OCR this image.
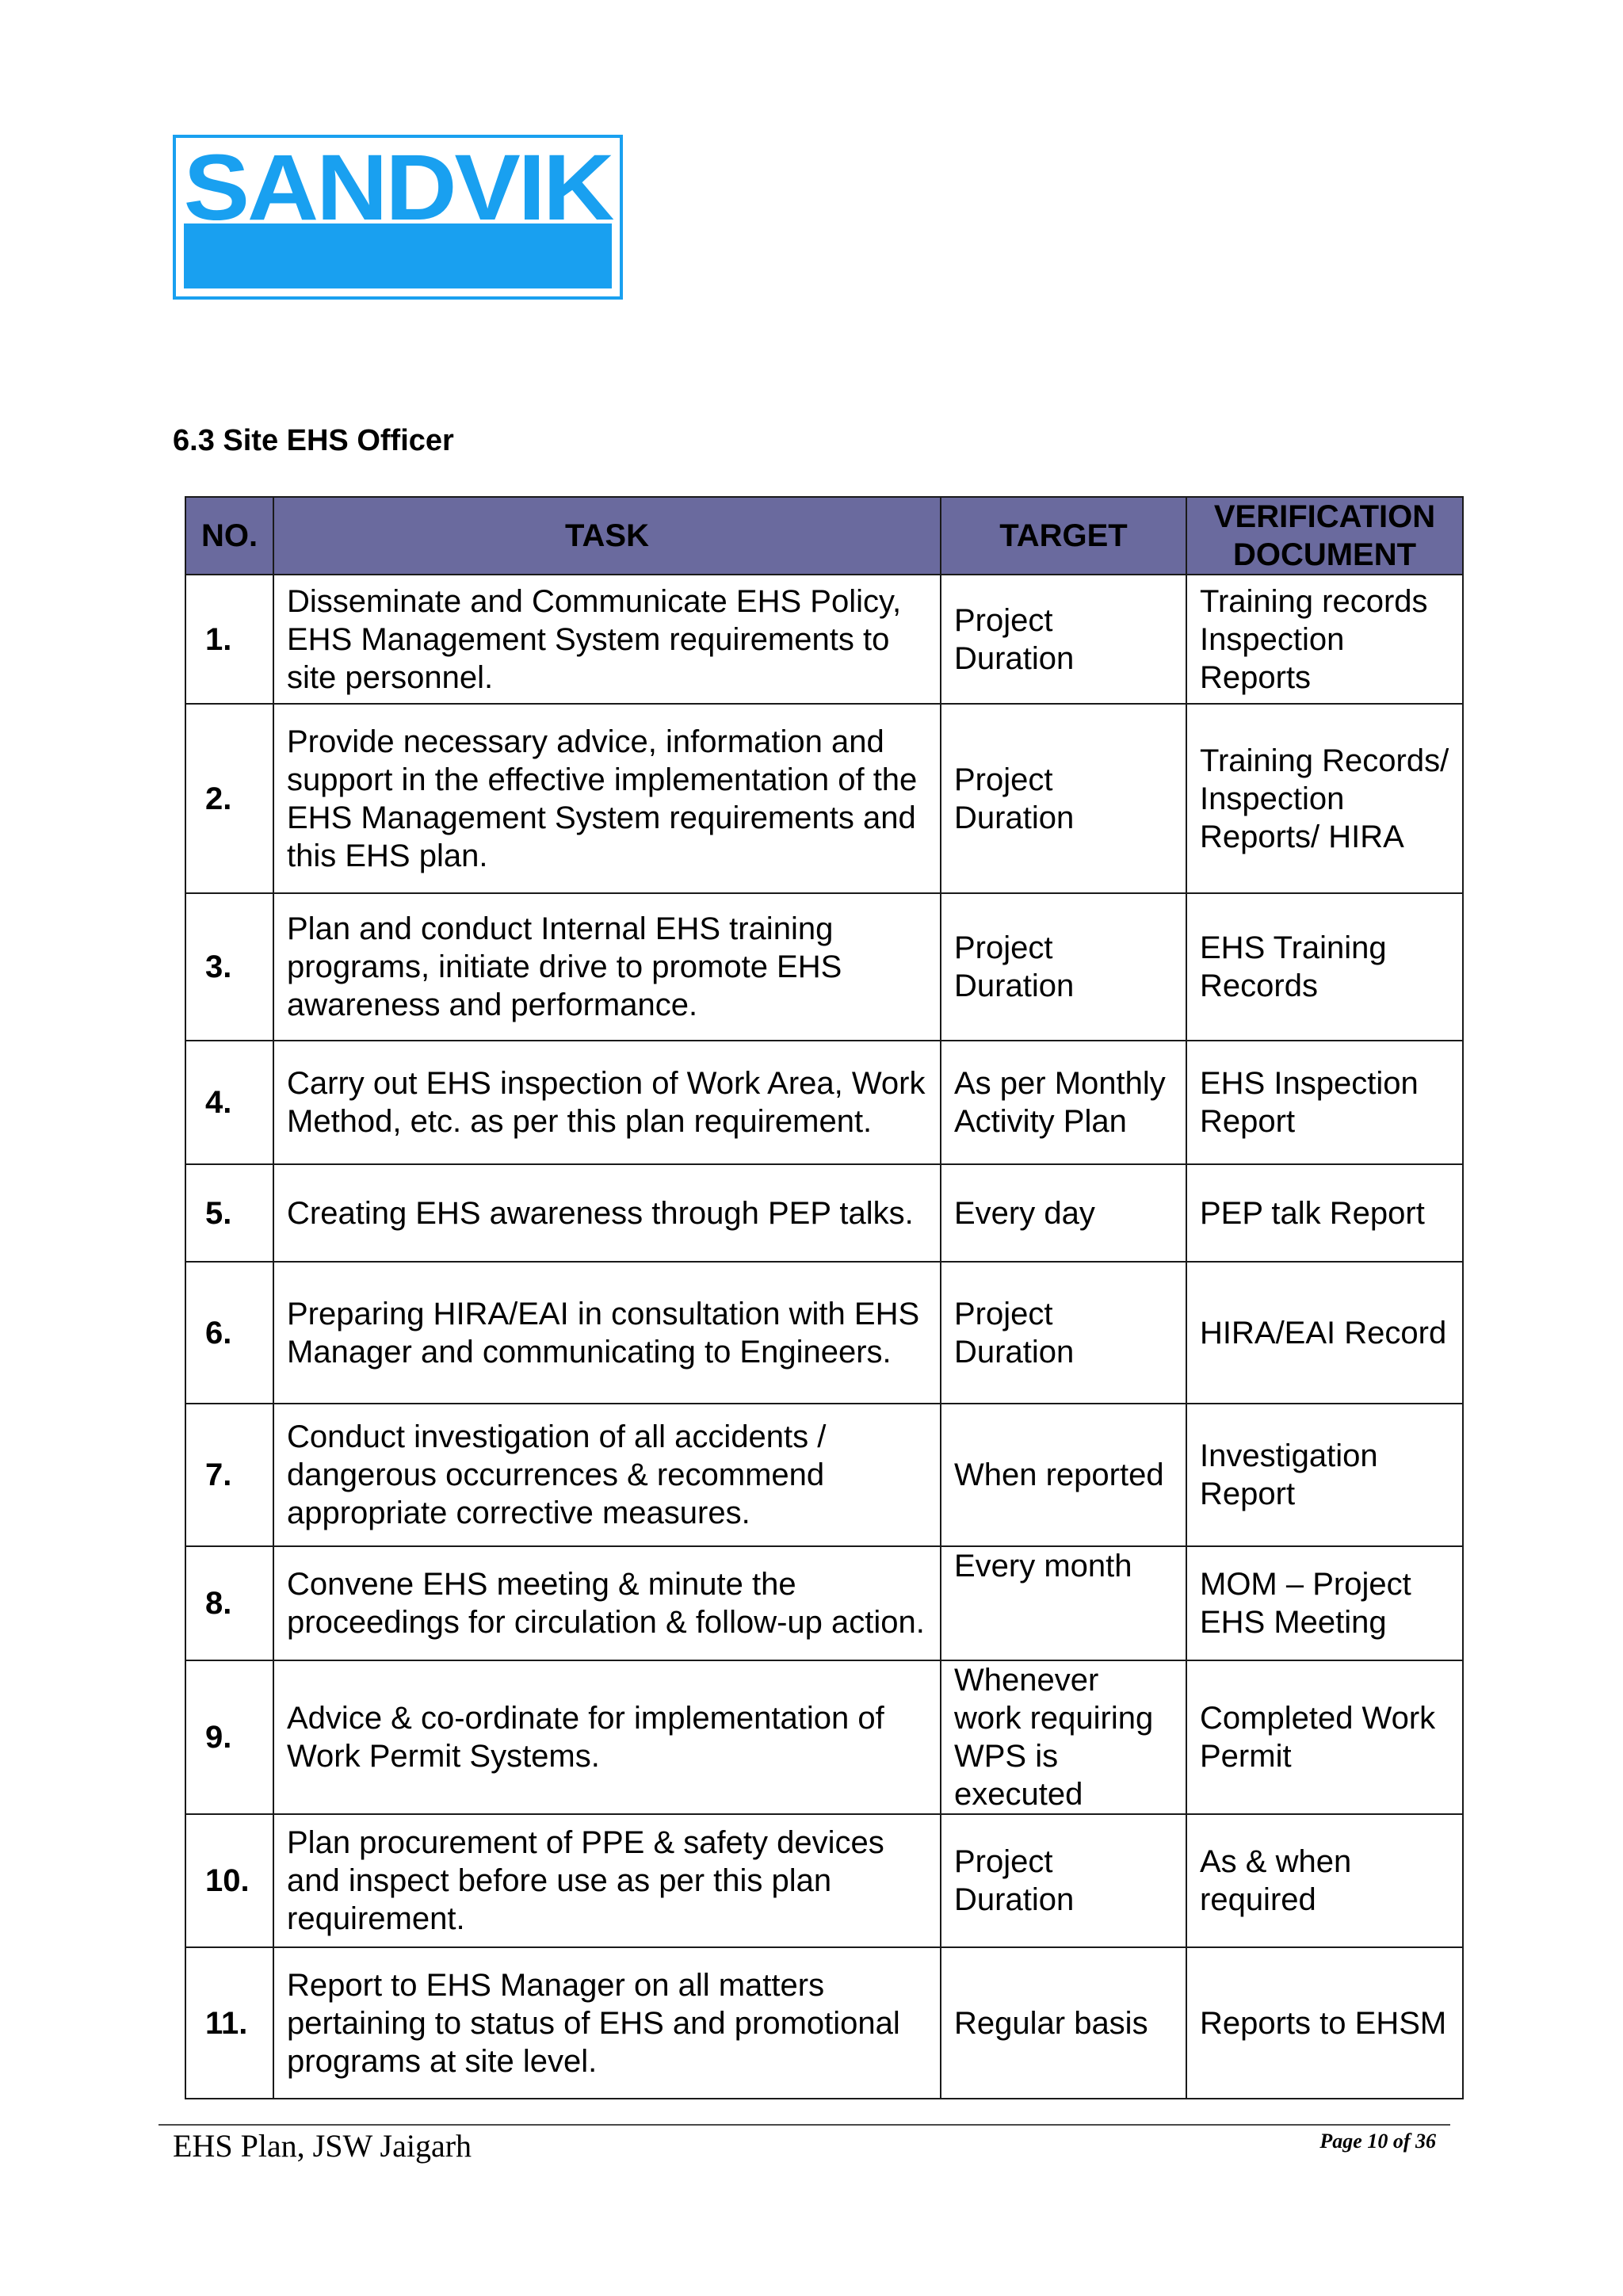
SANDVIK
6.3 Site EHS Officer
NO.	TASK	TARGET	VERIFICATION DOCUMENT
1.	Disseminate and Communicate EHS Policy, EHS Management System requirements to site personnel.	Project Duration	Training records Inspection Reports
2.	Provide necessary advice, information and support in the effective implementation of the EHS Management System requirements and this EHS plan.	Project Duration	Training Records/ Inspection Reports/ HIRA
3.	Plan and conduct Internal EHS training programs, initiate drive to promote EHS awareness and performance.	Project Duration	EHS Training Records
4.	Carry out EHS inspection of Work Area, Work Method, etc. as per this plan requirement.	As per Monthly Activity Plan	EHS Inspection Report
5.	Creating EHS awareness through PEP talks.	Every day	PEP talk Report
6.	Preparing HIRA/EAI in consultation with EHS Manager and communicating to Engineers.	Project Duration	HIRA/EAI Record
7.	Conduct investigation of all accidents / dangerous occurrences & recommend appropriate corrective measures.	When reported	Investigation Report
8.	Convene EHS meeting & minute the proceedings for circulation & follow-up action.	Every month	MOM – Project EHS Meeting
9.	Advice & co-ordinate for implementation of Work Permit Systems.	Whenever work requiring WPS is executed	Completed Work Permit
10.	Plan procurement of PPE & safety devices and inspect before use as per this plan requirement.	Project Duration	As & when required
11.	Report to EHS Manager on all matters pertaining to status of EHS and promotional programs at site level.	Regular basis	Reports to EHSM
EHS Plan, JSW Jaigarh	Page 10 of 36
